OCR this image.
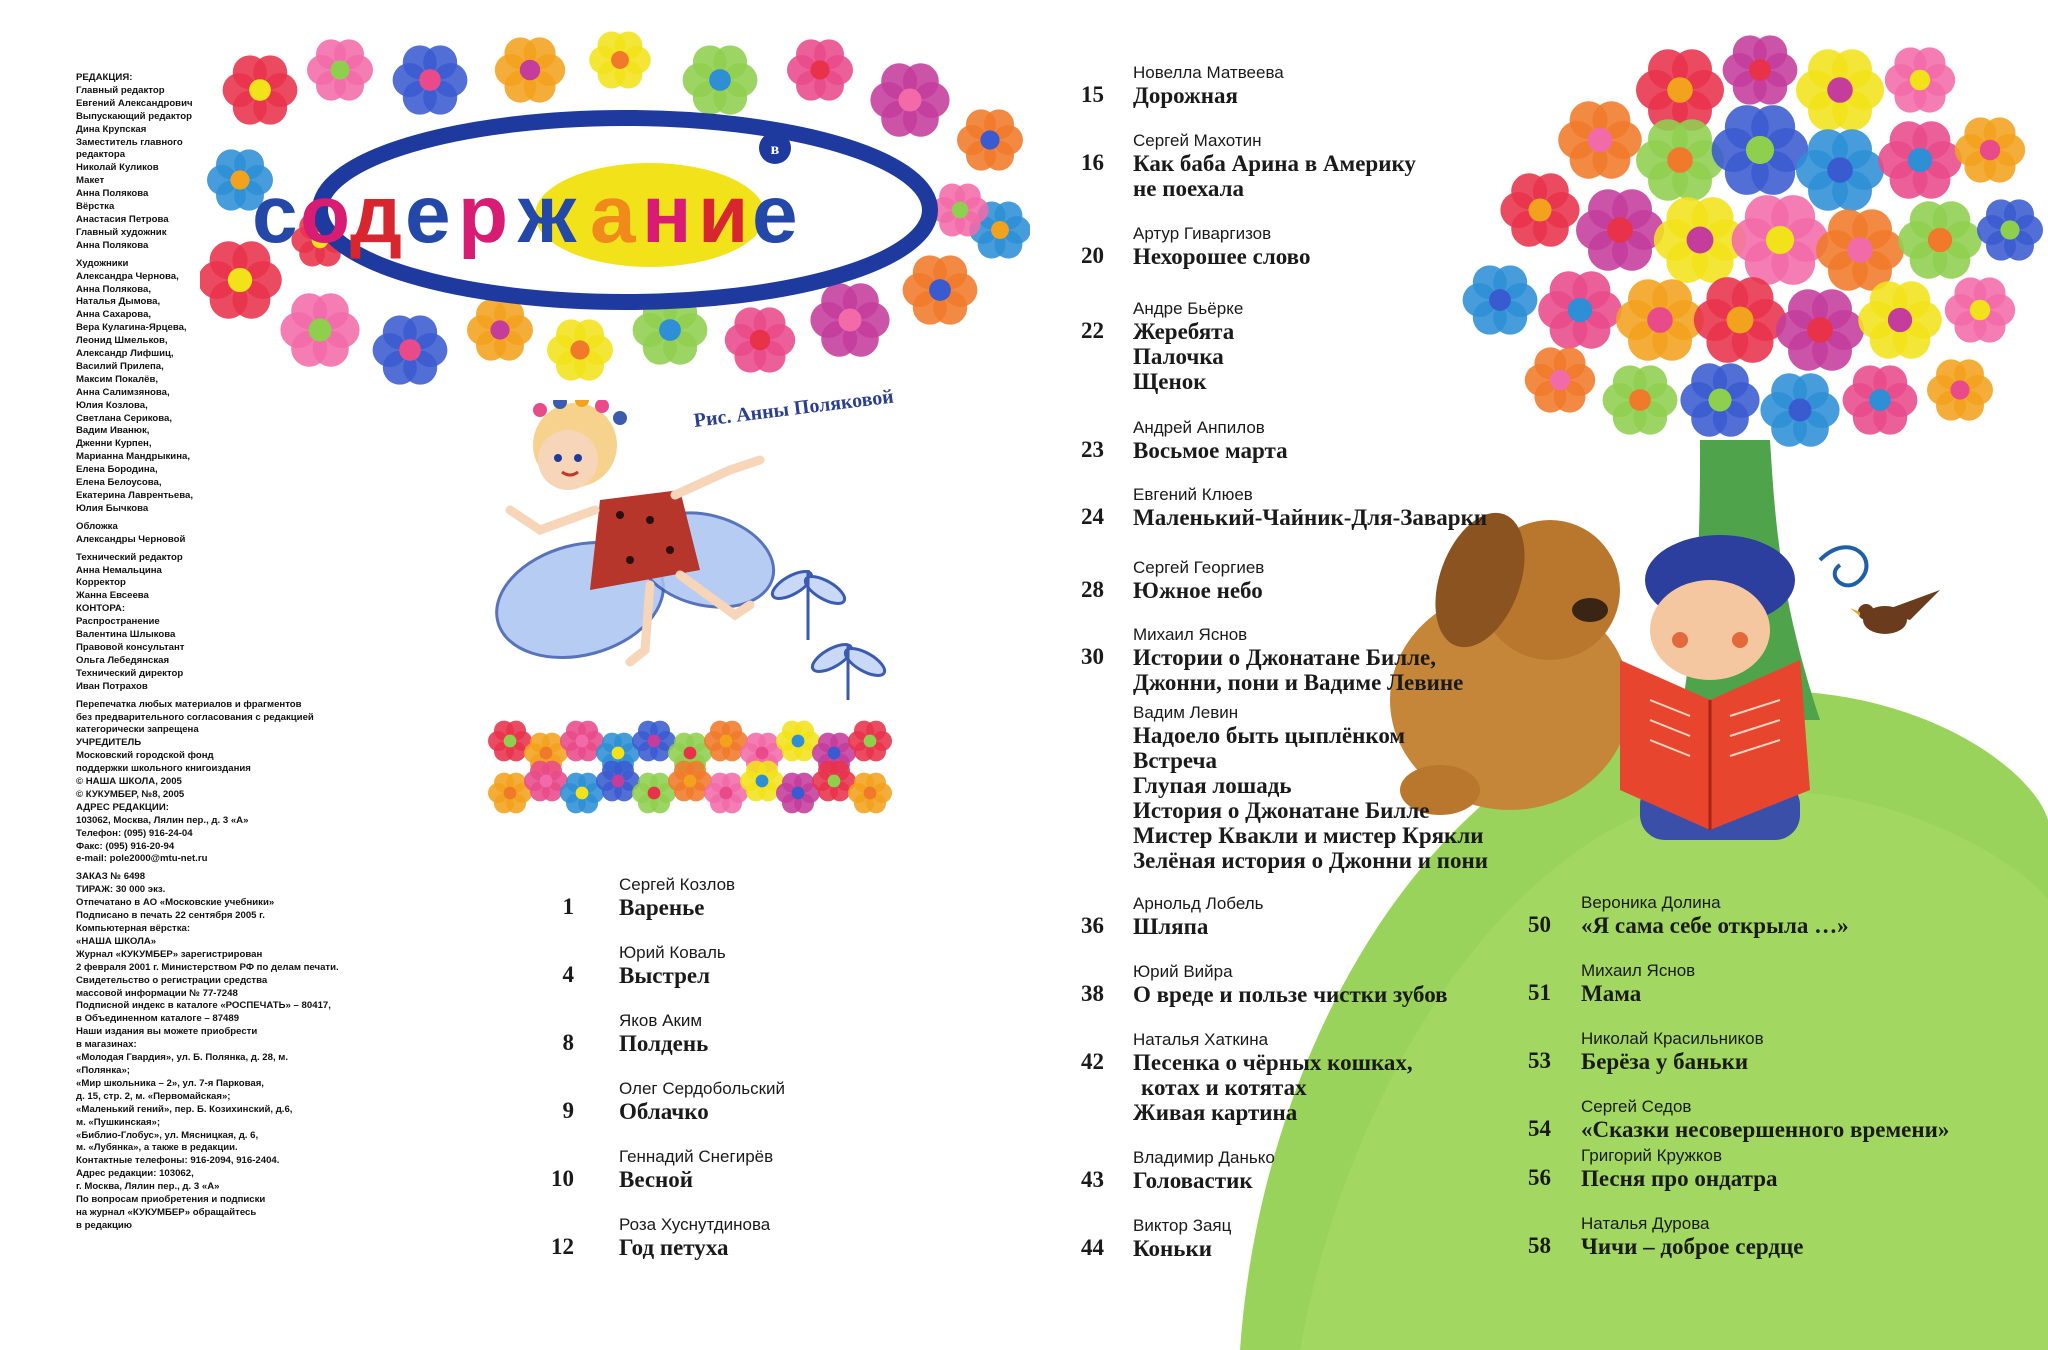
в
с о д е р ж а н и е
РЕДАКЦИЯ:
Главный редактор
Евгений Александрович
Выпускающий редактор
Дина Крупская
Заместитель главного
редактора
Николай Куликов
Макет
Анна Полякова
Вёрстка
Анастасия Петрова
Главный художник
Анна Полякова
Художники
Александра Чернова,
Анна Полякова,
Наталья Дымова,
Анна Сахарова,
Вера Кулагина-Ярцева,
Леонид Шмельков,
Александр Лифшиц,
Василий Прилепа,
Максим Покалёв,
Анна Салимзянова,
Юлия Козлова,
Светлана Серикова,
Вадим Иванюк,
Дженни Курпен,
Марианна Мандрыкина,
Елена Бородина,
Елена Белоусова,
Екатерина Лаврентьева,
Юлия Бычкова
Обложка
Александры Черновой
Технический редактор
Анна Немальцина
Корректор
Жанна Евсеева
КОНТОРА:
Распространение
Валентина Шлыкова
Правовой консультант
Ольга Лебедянская
Технический директор
Иван Потрахов
Перепечатка любых материалов и фрагментов
без предварительного согласования с редакцией
категорически запрещена
УЧРЕДИТЕЛЬ
Московский городской фонд
поддержки школьного книгоиздания
© НАША ШКОЛА, 2005
© КУКУМБЕР, №8, 2005
АДРЕС РЕДАКЦИИ:
103062, Москва, Лялин пер., д. 3 «А»
Телефон: (095) 916-24-04
Факс: (095) 916-20-94
e-mail: pole2000@mtu-net.ru
ЗАКАЗ № 6498
ТИРАЖ: 30 000 экз.
Отпечатано в АО «Московские учебники»
Подписано в печать 22 сентября 2005 г.
Компьютерная вёрстка:
«НАША ШКОЛА»
Журнал «КУКУМБЕР» зарегистрирован
2 февраля 2001 г. Министерством РФ по делам печати.
Свидетельство о регистрации средства
массовой информации № 77-7248
Подписной индекс в каталоге «РОСПЕЧАТЬ» – 80417,
в Объединенном каталоге – 87489
Наши издания вы можете приобрести
в магазинах:
«Молодая Гвардия», ул. Б. Полянка, д. 28, м.
«Полянка»;
«Мир школьника – 2», ул. 7-я Парковая,
д. 15, стр. 2, м. «Первомайская»;
«Маленький гений», пер. Б. Козихинский, д.6,
м. «Пушкинская»;
«Библио-Глобус», ул. Мясницкая, д. 6,
м. «Лубянка», а также в редакции.
Контактные телефоны: 916-2094, 916-2404.
Адрес редакции: 103062,
г. Москва, Лялин пер., д. 3 «А»
По вопросам приобретения и подписки
на журнал «КУКУМБЕР» обращайтесь
в редакцию
Рис. Анны Поляковой
Сергей Козлов
Варенье
1
Юрий Коваль
Выстрел
4
Яков Аким
Полдень
8
Олег Сердобольский
Облачко
9
Геннадий Снегирёв
Весной
10
Роза Хуснутдинова
Год петуха
12
Новелла Матвеева
Дорожная
15
Сергей Махотин
Как баба Арина в Америку
не поехала
16
Артур Гиваргизов
Нехорошее слово
20
Андре Бьёрке
Жеребята
Палочка
Щенок
22
Андрей Анпилов
Восьмое марта
23
Евгений Клюев
Маленький-Чайник-Для-Заварки
24
Сергей Георгиев
Южное небо
28
Михаил Яснов
Истории о Джонатане Билле,
Джонни, пони и Вадиме Левине
30
Вадим Левин
Надоело быть цыплёнком
Встреча
Глупая лошадь
История о Джонатане Билле
Мистер Квакли и мистер Крякли
Зелёная история о Джонни и пони
Арнольд Лобель
Шляпа
36
Юрий Вийра
О вреде и пользе чистки зубов
38
Наталья Хаткина
Песенка о чёрных кошках,
котах и котятах
Живая картина
42
Владимир Данько
Головастик
43
Виктор Заяц
Коньки
44
Вероника Долина
«Я сама себе открыла …»
50
Михаил Яснов
Мама
51
Николай Красильников
Берёза у баньки
53
Сергей Седов
«Сказки несовершенного времени»
54
Григорий Кружков
Песня про ондатра
56
Наталья Дурова
Чичи – доброе сердце
58
